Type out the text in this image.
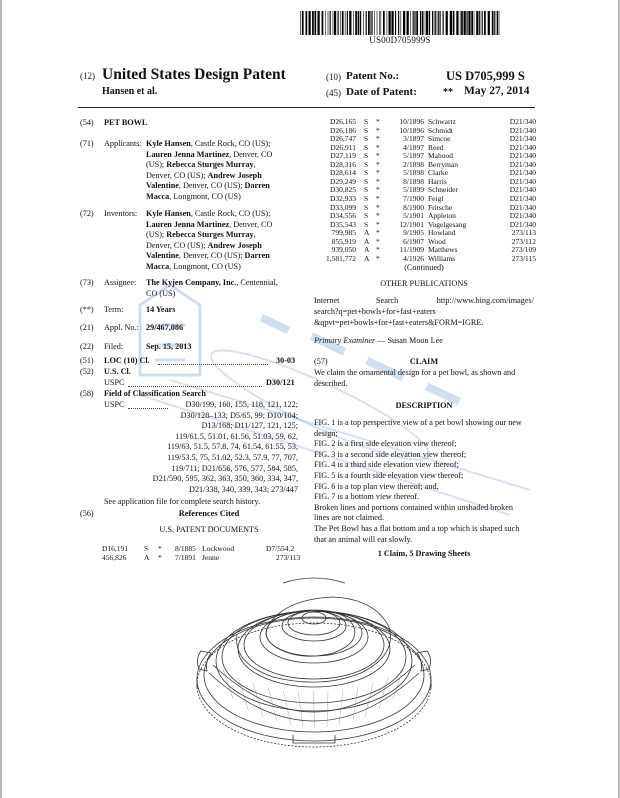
US00D705999S
(12) United States Design Patent
Hansen et al.
(10) Patent No.:	US D705,999 S
(45) Date of Patent:	** May 27, 2014
(54) PET BOWL
(71) Applicants: Kyle Hansen, Castle Rock, CO (US);
Lauren Jenna Martinez, Denver, CO
(US); Rebecca Sturges Murray,
Denver, CO (US); Andrew Joseph
Valentine, Denver, CO (US); Darren
Macca, Longmont, CO (US)
(72) Inventors: Kyle Hansen, Castle Rock, CO (US);
Lauren Jenna Martinez, Denver, CO
(US); Rebecca Sturges Murray,
Denver, CO (US); Andrew Joseph
Valentine, Denver, CO (US); Darren
Macca, Longmont, CO (US)
(73) Assignee: The Kyjen Company, Inc., Centennial,
CO (US)
(**) Term:	14 Years
(21) Appl. No.: 29/467,086
(22) Filed:	Sep. 15, 2013
(51) LOC (10) Cl.	30-03
(52) U.S. Cl.
USPC	D30/121
(58) Field of Classification Search
USPC	D30/199, 160, 155, 118, 121, 122;
D30/128–133; D5/65, 99; D10/104;
D13/168; D11/127, 121, 125;
119/61.5, 51.01, 61.56, 51.03, 59, 62,
119/63, 51.5, 57.8, 74, 61.54, 61.55, 53,
119/53.5, 75, 51.02, 52.3, 57.9, 77, 707,
119/711; D21/656, 576, 577, 584, 585,
D21/590, 595, 362, 363, 350, 360, 334, 347,
D21/338, 340, 339, 343; 273/447
See application file for complete search history.
(56)	References Cited
U.S. PATENT DOCUMENTS
D16,191 S * 8/1885 Lockwood	D7/554.2
456,826 A * 7/1891 Jenne	273/113
D26,165 S *	10/1896 Schwartz	D21/340
D26,186 S *	10/1896 Schmidt	D21/340
D26,747 S *	3/1897 Simcoe	D21/340
D26,911 S *	4/1897 Reed	D21/340
D27,119 S *	5/1897 Mahood	D21/340
D28,316 S *	2/1898 Berryman	D21/340
D28,614 S *	5/1898 Clarke	D21/340
D29,249 S *	8/1898 Harris	D21/340
D30,825 S *	5/1899 Schneider	D21/340
D32,933 S *	7/1900 Feigl	D21/340
D33,099 S *	8/1900 Fritsche	D21/340
D34,556 S *	5/1901 Appleton	D21/340
D35,543 S *	12/1901 Vogelgesang	D21/340
799,985 A *	9/1905 Howland	273/113
855,919 A *	6/1907 Wood	273/112
939,050 A *	11/1909 Matthews	273/109
1,581,772 A *	4/1926 Williams	273/115
(Continued)
OTHER PUBLICATIONS
Internet	Search	http://www.bing.com/images/
search?q=pet+bowls+for+fast+eaters
&qpvt=pet+bowls+for+fast+eaters&FORM=IGRE.
Primary Examiner — Susan Moon Lee
(57)	CLAIM
We claim the ornamental design for a pet bowl, as shown and
described.
DESCRIPTION
FIG. 1 is a top perspective view of a pet bowl showing our new
design;
FIG. 2 is a first side elevation view thereof;
FIG. 3 is a second side elevation view thereof;
FIG. 4 is a third side elevation view thereof;
FIG. 5 is a fourth side elevation view thereof;
FIG. 6 is a top plan view thereof; and,
FIG. 7 is a bottom view thereof.
Broken lines and portions contained within unshaded broken
lines are not claimed.
The Pet Bowl has a flat bottom and a top which is shaped such
that an animal will eat slowly.
1 Claim, 5 Drawing Sheets
